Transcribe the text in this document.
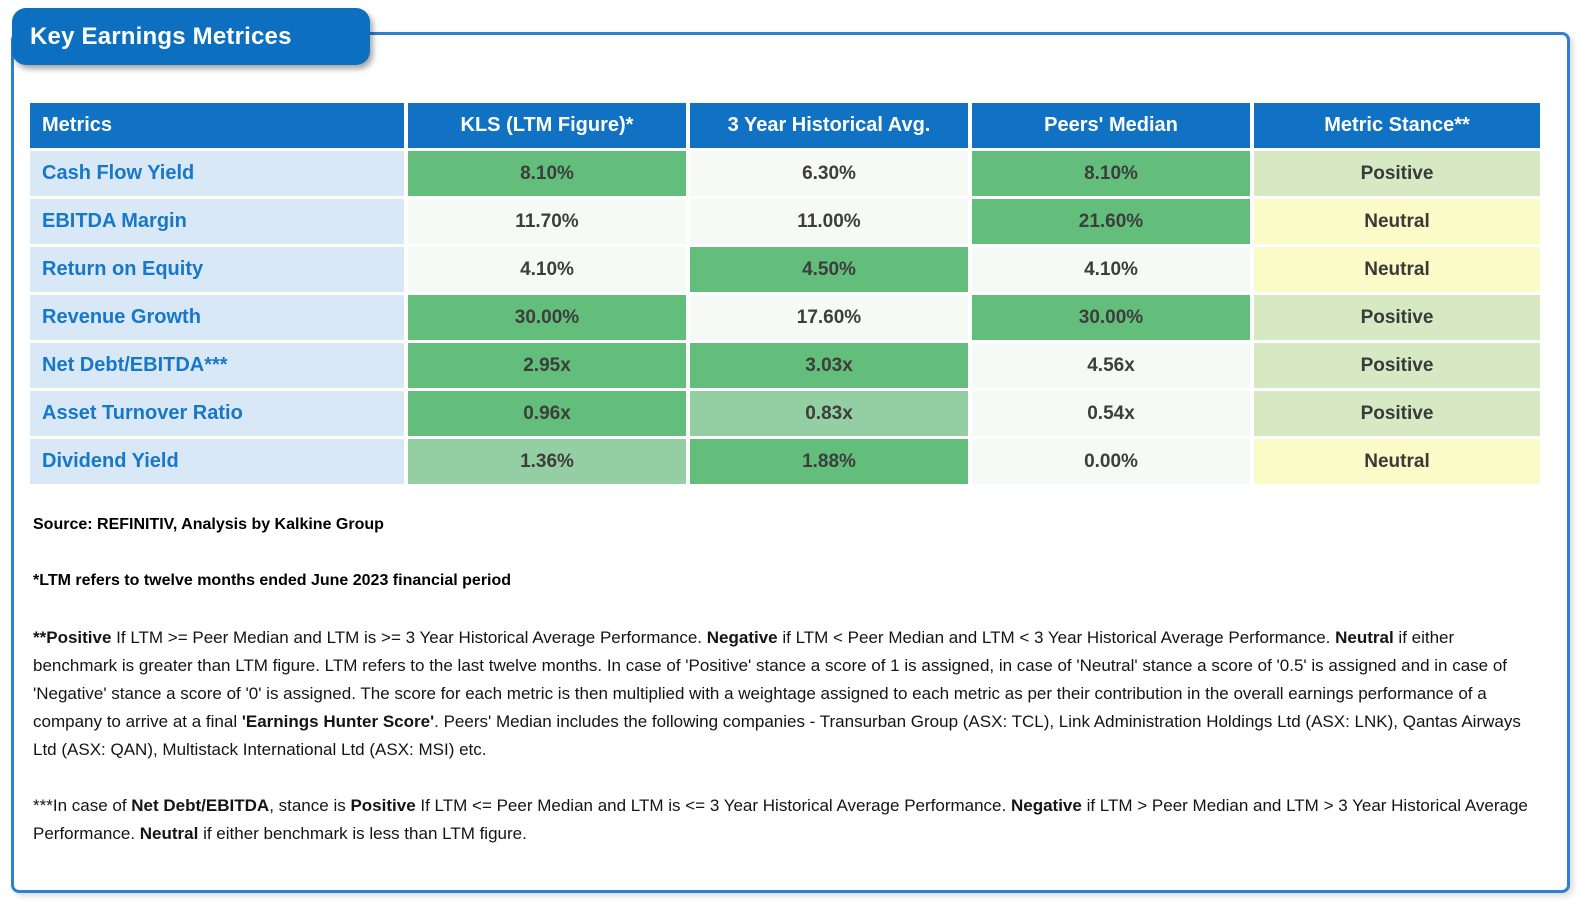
Key Earnings Metrices
Metrics	KLS (LTM Figure)*	3 Year Historical Avg.	Peers' Median	Metric Stance**
Cash Flow Yield	8.10%	6.30%	8.10%	Positive
EBITDA Margin	11.70%	11.00%	21.60%	Neutral
Return on Equity	4.10%	4.50%	4.10%	Neutral
Revenue Growth	30.00%	17.60%	30.00%	Positive
Net Debt/EBITDA***	2.95x	3.03x	4.56x	Positive
Asset Turnover Ratio	0.96x	0.83x	0.54x	Positive
Dividend Yield	1.36%	1.88%	0.00%	Neutral

Source: REFINITIV, Analysis by Kalkine Group

*LTM refers to twelve months ended June 2023 financial period

**Positive If LTM >= Peer Median and LTM is >= 3 Year Historical Average Performance. Negative if LTM < Peer Median and LTM < 3 Year Historical Average Performance. Neutral if either benchmark is greater than LTM figure. LTM refers to the last twelve months. In case of 'Positive' stance a score of 1 is assigned, in case of 'Neutral' stance a score of '0.5' is assigned and in case of 'Negative' stance a score of '0' is assigned. The score for each metric is then multiplied with a weightage assigned to each metric as per their contribution in the overall earnings performance of a company to arrive at a final 'Earnings Hunter Score'. Peers' Median includes the following companies - Transurban Group (ASX: TCL), Link Administration Holdings Ltd (ASX: LNK), Qantas Airways Ltd (ASX: QAN), Multistack International Ltd (ASX: MSI) etc.

***In case of Net Debt/EBITDA, stance is Positive If LTM <= Peer Median and LTM is <= 3 Year Historical Average Performance. Negative if LTM > Peer Median and LTM > 3 Year Historical Average Performance. Neutral if either benchmark is less than LTM figure.
